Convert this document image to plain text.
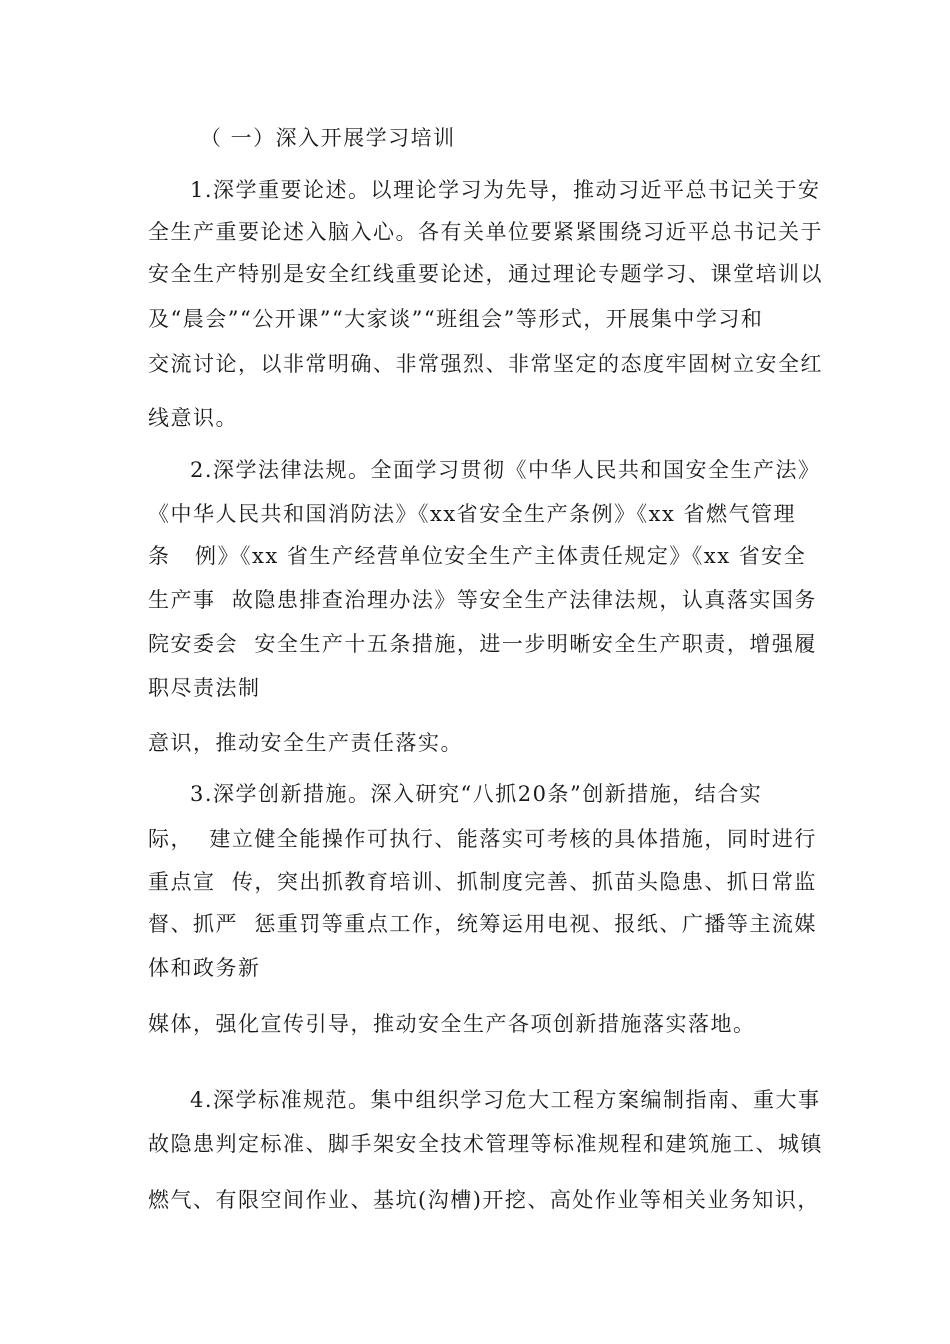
（ 一）深入开展学习培训
1.深学重要论述。以理论学习为先导，推动习近平总书记关于安
全生产重要论述入脑入心。各有关单位要紧紧围绕习近平总书记关于
安全生产特别是安全红线重要论述，通过理论专题学习、课堂培训以
及“晨会”“公开课”“大家谈”“班组会”等形式，开展集中学习和
交流讨论，以非常明确、非常强烈、非常坚定的态度牢固树立安全红
线意识。
2.深学法律法规。全面学习贯彻《中华人民共和国安全生产法》
《中华人民共和国消防法》《xx省安全生产条例》《xx 省燃气管理
条   例》《xx 省生产经营单位安全生产主体责任规定》《xx 省安全
生产事  故隐患排查治理办法》等安全生产法律法规，认真落实国务
院安委会  安全生产十五条措施，进一步明晰安全生产职责，增强履
职尽责法制
意识，推动安全生产责任落实。
3.深学创新措施。深入研究“八抓20条”创新措施，结合实
际，  建立健全能操作可执行、能落实可考核的具体措施，同时进行
重点宣  传，突出抓教育培训、抓制度完善、抓苗头隐患、抓日常监
督、抓严  惩重罚等重点工作，统筹运用电视、报纸、广播等主流媒
体和政务新
媒体，强化宣传引导，推动安全生产各项创新措施落实落地。
4.深学标准规范。集中组织学习危大工程方案编制指南、重大事
故隐患判定标准、脚手架安全技术管理等标准规程和建筑施工、城镇
燃气、有限空间作业、基坑(沟槽)开挖、高处作业等相关业务知识，
